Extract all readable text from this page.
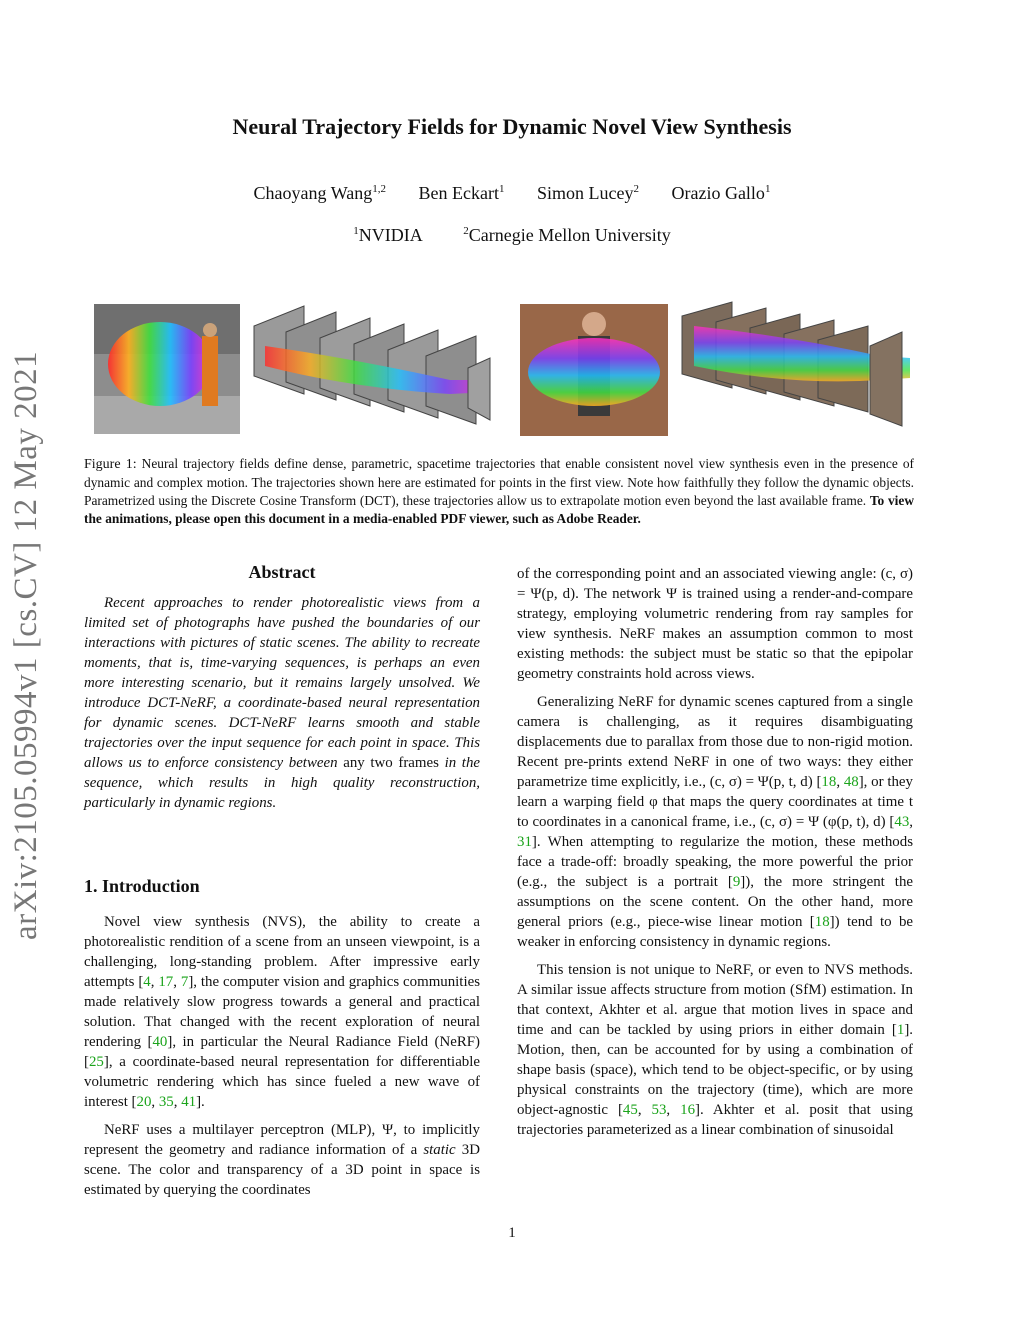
arXiv:2105.05994v1 [cs.CV] 12 May 2021
Neural Trajectory Fields for Dynamic Novel View Synthesis
Chaoyang Wang$^{1,2}$ Ben Eckart$^1$ Simon Lucey$^2$ Orazio Gallo$^1$
$^1$NVIDIA	$^2$Carnegie Mellon University
Figure 1: Neural trajectory fields define dense, parametric, spacetime trajectories that enable consistent novel view synthesis even in the presence of dynamic and complex motion. The trajectories shown here are estimated for points in the first view. Note how faithfully they follow the dynamic objects. Parametrized using the Discrete Cosine Transform (DCT), these trajectories allow us to extrapolate motion even beyond the last available frame. To view the animations, please open this document in a media-enabled PDF viewer, such as Adobe Reader.
Abstract

Recent approaches to render photorealistic views from a limited set of photographs have pushed the boundaries of our interactions with pictures of static scenes. The ability to recreate moments, that is, time-varying sequences, is perhaps an even more interesting scenario, but it remains largely unsolved. We introduce DCT-NeRF, a coordinate-based neural representation for dynamic scenes. DCT-NeRF learns smooth and stable trajectories over the input sequence for each point in space. This allows us to enforce consistency between any two frames in the sequence, which results in high quality reconstruction, particularly in dynamic regions.

1. Introduction

Novel view synthesis (NVS), the ability to create a photorealistic rendition of a scene from an unseen viewpoint, is a challenging, long-standing problem. After impressive early attempts [4, 17, 7], the computer vision and graphics communities made relatively slow progress towards a general and practical solution. That changed with the recent exploration of neural rendering [40], in particular the Neural Radiance Field (NeRF) [25], a coordinate-based neural representation for differentiable volumetric rendering which has since fueled a new wave of interest [20, 35, 41].

NeRF uses a multilayer perceptron (MLP), Ψ, to implicitly represent the geometry and radiance information of a static 3D scene. The color and transparency of a 3D point in space is estimated by querying the coordinates

of the corresponding point and an associated viewing angle: (c, σ) = Ψ(p, d). The network Ψ is trained using a render-and-compare strategy, employing volumetric rendering from ray samples for view synthesis. NeRF makes an assumption common to most existing methods: the subject must be static so that the epipolar geometry constraints hold across views.

Generalizing NeRF for dynamic scenes captured from a single camera is challenging, as it requires disambiguating displacements due to parallax from those due to non-rigid motion. Recent pre-prints extend NeRF in one of two ways: they either parametrize time explicitly, i.e., (c, σ) = Ψ(p, t, d) [18, 48], or they learn a warping field φ that maps the query coordinates at time t to coordinates in a canonical frame, i.e., (c, σ) = Ψ (φ(p, t), d) [43, 31]. When attempting to regularize the motion, these methods face a trade-off: broadly speaking, the more powerful the prior (e.g., the subject is a portrait [9]), the more stringent the assumptions on the scene content. On the other hand, more general priors (e.g., piece-wise linear motion [18]) tend to be weaker in enforcing consistency in dynamic regions.

This tension is not unique to NeRF, or even to NVS methods. A similar issue affects structure from motion (SfM) estimation. In that context, Akhter et al. argue that motion lives in space and time and can be tackled by using priors in either domain [1]. Motion, then, can be accounted for by using a combination of shape basis (space), which tend to be object-specific, or by using physical constraints on the trajectory (time), which are more object-agnostic [45, 53, 16]. Akhter et al. posit that using trajectories parameterized as a linear combination of sinusoidal

1
